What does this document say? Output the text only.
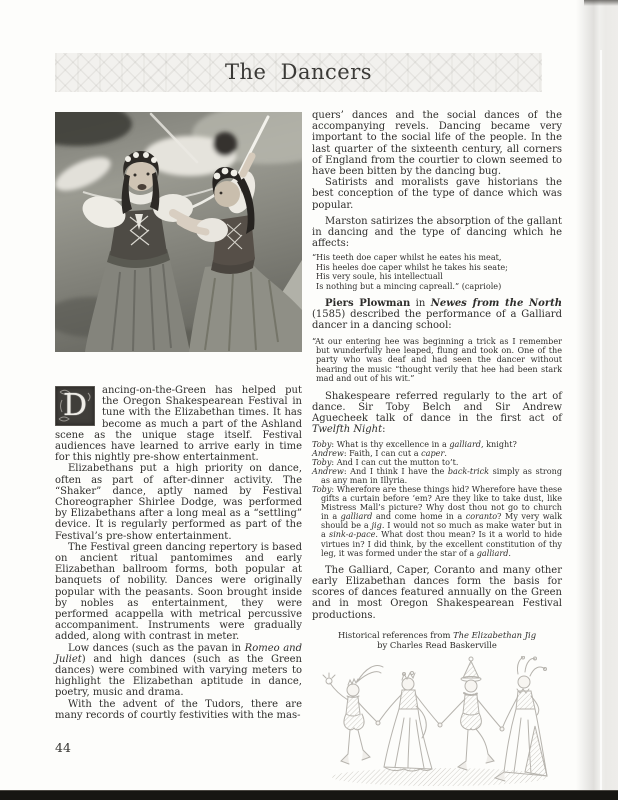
The Dancers

D	ancing-on-the-Green has helped put the Oregon Shakespearean Festival in tune with the Elizabethan times. It has become as much a part of the Ashland scene as the unique stage itself. Festival audiences have learned to arrive early in time for this nightly pre-show entertainment.

Elizabethans put a high priority on dance, often as part of after-dinner activity. The “Shaker” dance, aptly named by Festival Choreographer Shirlee Dodge, was performed by Elizabethans after a long meal as a “settling” device. It is regularly performed as part of the Festival’s pre-show entertainment.

The Festival green dancing repertory is based on ancient ritual pantomimes and early Elizabethan ballroom forms, both popular at banquets of nobility. Dances were originally popular with the peasants. Soon brought inside by nobles as entertainment, they were performed acappella with metrical percussive accompaniment. Instruments were gradually added, along with contrast in meter.

Low dances (such as the pavan in Romeo and Juliet) and high dances (such as the Green dances) were combined with varying meters to highlight the Elizabethan aptitude in dance, poetry, music and drama.

With the advent of the Tudors, there are many records of courtly festivities with the mas-

quers’ dances and the social dances of the accompanying revels. Dancing became very important to the social life of the people. In the last quarter of the sixteenth century, all corners of England from the courtier to clown seemed to have been bitten by the dancing bug.

Satirists and moralists gave historians the best conception of the type of dance which was popular.

Marston satirizes the absorption of the gallant in dancing and the type of dancing which he affects:

“His teeth doe caper whilst he eates his meat,
His heeles doe caper whilst he takes his seate;
His very soule, his intellectuall
Is nothing but a mincing capreall.” (capriole)

Piers Plowman in Newes from the North (1585) described the performance of a Galliard dancer in a dancing school:

“At our entering hee was beginning a trick as I remember but wunderfully hee leaped, flung and took on. One of the party who was deaf and had seen the dancer without hearing the music “thought verily that hee had been stark mad and out of his wit.”

Shakespeare referred regularly to the art of dance. Sir Toby Belch and Sir Andrew Aguecheek talk of dance in the first act of Twelfth Night:

Toby: What is thy excellence in a galliard, knight?
Andrew: Faith, I can cut a caper.
Toby: And I can cut the mutton to’t.
Andrew: And I think I have the back-trick simply as strong as any man in Illyria.
Toby: Wherefore are these things hid? Wherefore have these gifts a curtain before ’em? Are they like to take dust, like Mistress Mall’s picture? Why dost thou not go to church in a galliard and come home in a coranto? My very walk should be a jig. I would not so much as make water but in a sink-a-pace. What dost thou mean? Is it a world to hide virtues in? I did think, by the excellent constitution of thy leg, it was formed under the star of a galliard.

The Galliard, Caper, Coranto and many other early Elizabethan dances form the basis for scores of dances featured annually on the Green and in most Oregon Shakespearean Festival productions.

Historical references from The Elizabethan Jig
by Charles Read Baskerville
44
